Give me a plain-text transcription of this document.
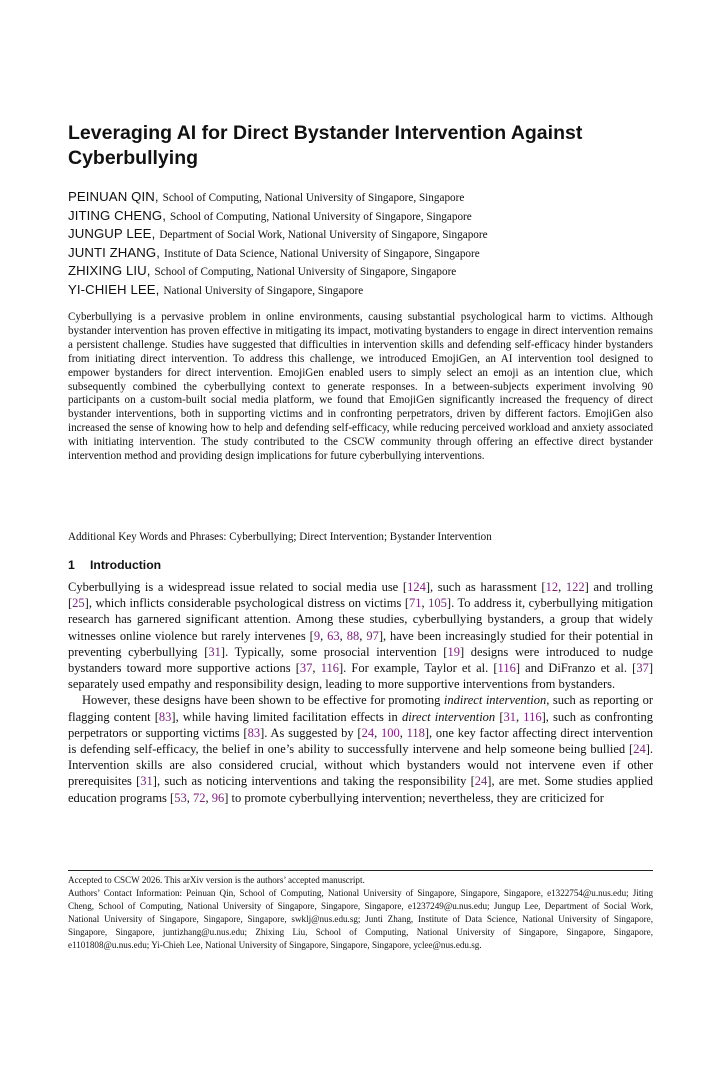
Leveraging AI for Direct Bystander Intervention Against Cyberbullying
PEINUAN QIN, School of Computing, National University of Singapore, Singapore
JITING CHENG, School of Computing, National University of Singapore, Singapore
JUNGUP LEE, Department of Social Work, National University of Singapore, Singapore
JUNTI ZHANG, Institute of Data Science, National University of Singapore, Singapore
ZHIXING LIU, School of Computing, National University of Singapore, Singapore
YI-CHIEH LEE, National University of Singapore, Singapore

Cyberbullying is a pervasive problem in online environments, causing substantial psychological harm to victims. Although bystander intervention has proven effective in mitigating its impact, motivating bystanders to engage in direct intervention remains a persistent challenge. Studies have suggested that difficulties in intervention skills and defending self-efficacy hinder bystanders from initiating direct intervention. To address this challenge, we introduced EmojiGen, an AI intervention tool designed to empower bystanders for direct intervention. EmojiGen enabled users to simply select an emoji as an intention clue, which subsequently combined the cyberbullying context to generate responses. In a between-subjects experiment involving 90 participants on a custom-built social media platform, we found that EmojiGen significantly increased the frequency of direct bystander interventions, both in supporting victims and in confronting perpetrators, driven by different factors. EmojiGen also increased the sense of knowing how to help and defending self-efficacy, while reducing perceived workload and anxiety associated with initiating intervention. The study contributed to the CSCW community through offering an effective direct bystander intervention method and providing design implications for future cyberbullying interventions.

Additional Key Words and Phrases: Cyberbullying; Direct Intervention; Bystander Intervention

1 Introduction

Cyberbullying is a widespread issue related to social media use [124], such as harassment [12, 122] and trolling [25], which inflicts considerable psychological distress on victims [71, 105]. To address it, cyberbullying mitigation research has garnered significant attention. Among these studies, cyberbullying bystanders, a group that widely witnesses online violence but rarely intervenes [9, 63, 88, 97], have been increasingly studied for their potential in preventing cyberbullying [31]. Typically, some prosocial intervention [19] designs were introduced to nudge bystanders toward more supportive actions [37, 116]. For example, Taylor et al. [116] and DiFranzo et al. [37] separately used empathy and responsibility design, leading to more supportive interventions from bystanders.

However, these designs have been shown to be effective for promoting indirect intervention, such as reporting or flagging content [83], while having limited facilitation effects in direct intervention [31, 116], such as confronting perpetrators or supporting victims [83]. As suggested by [24, 100, 118], one key factor affecting direct intervention is defending self-efficacy, the belief in one’s ability to successfully intervene and help someone being bullied [24]. Intervention skills are also considered crucial, without which bystanders would not intervene even if other prerequisites [31], such as noticing interventions and taking the responsibility [24], are met. Some studies applied education programs [53, 72, 96] to promote cyberbullying intervention; nevertheless, they are criticized for

Accepted to CSCW 2026. This arXiv version is the authors’ accepted manuscript.

Authors’ Contact Information: Peinuan Qin, School of Computing, National University of Singapore, Singapore, Singapore, e1322754@u.nus.edu; Jiting Cheng, School of Computing, National University of Singapore, Singapore, Singapore, e1237249@u.nus.edu; Jungup Lee, Department of Social Work, National University of Singapore, Singapore, Singapore, swklj@nus.edu.sg; Junti Zhang, Institute of Data Science, National University of Singapore, Singapore, Singapore, juntizhang@u.nus.edu; Zhixing Liu, School of Computing, National University of Singapore, Singapore, Singapore, e1101808@u.nus.edu; Yi-Chieh Lee, National University of Singapore, Singapore, Singapore, yclee@nus.edu.sg.
